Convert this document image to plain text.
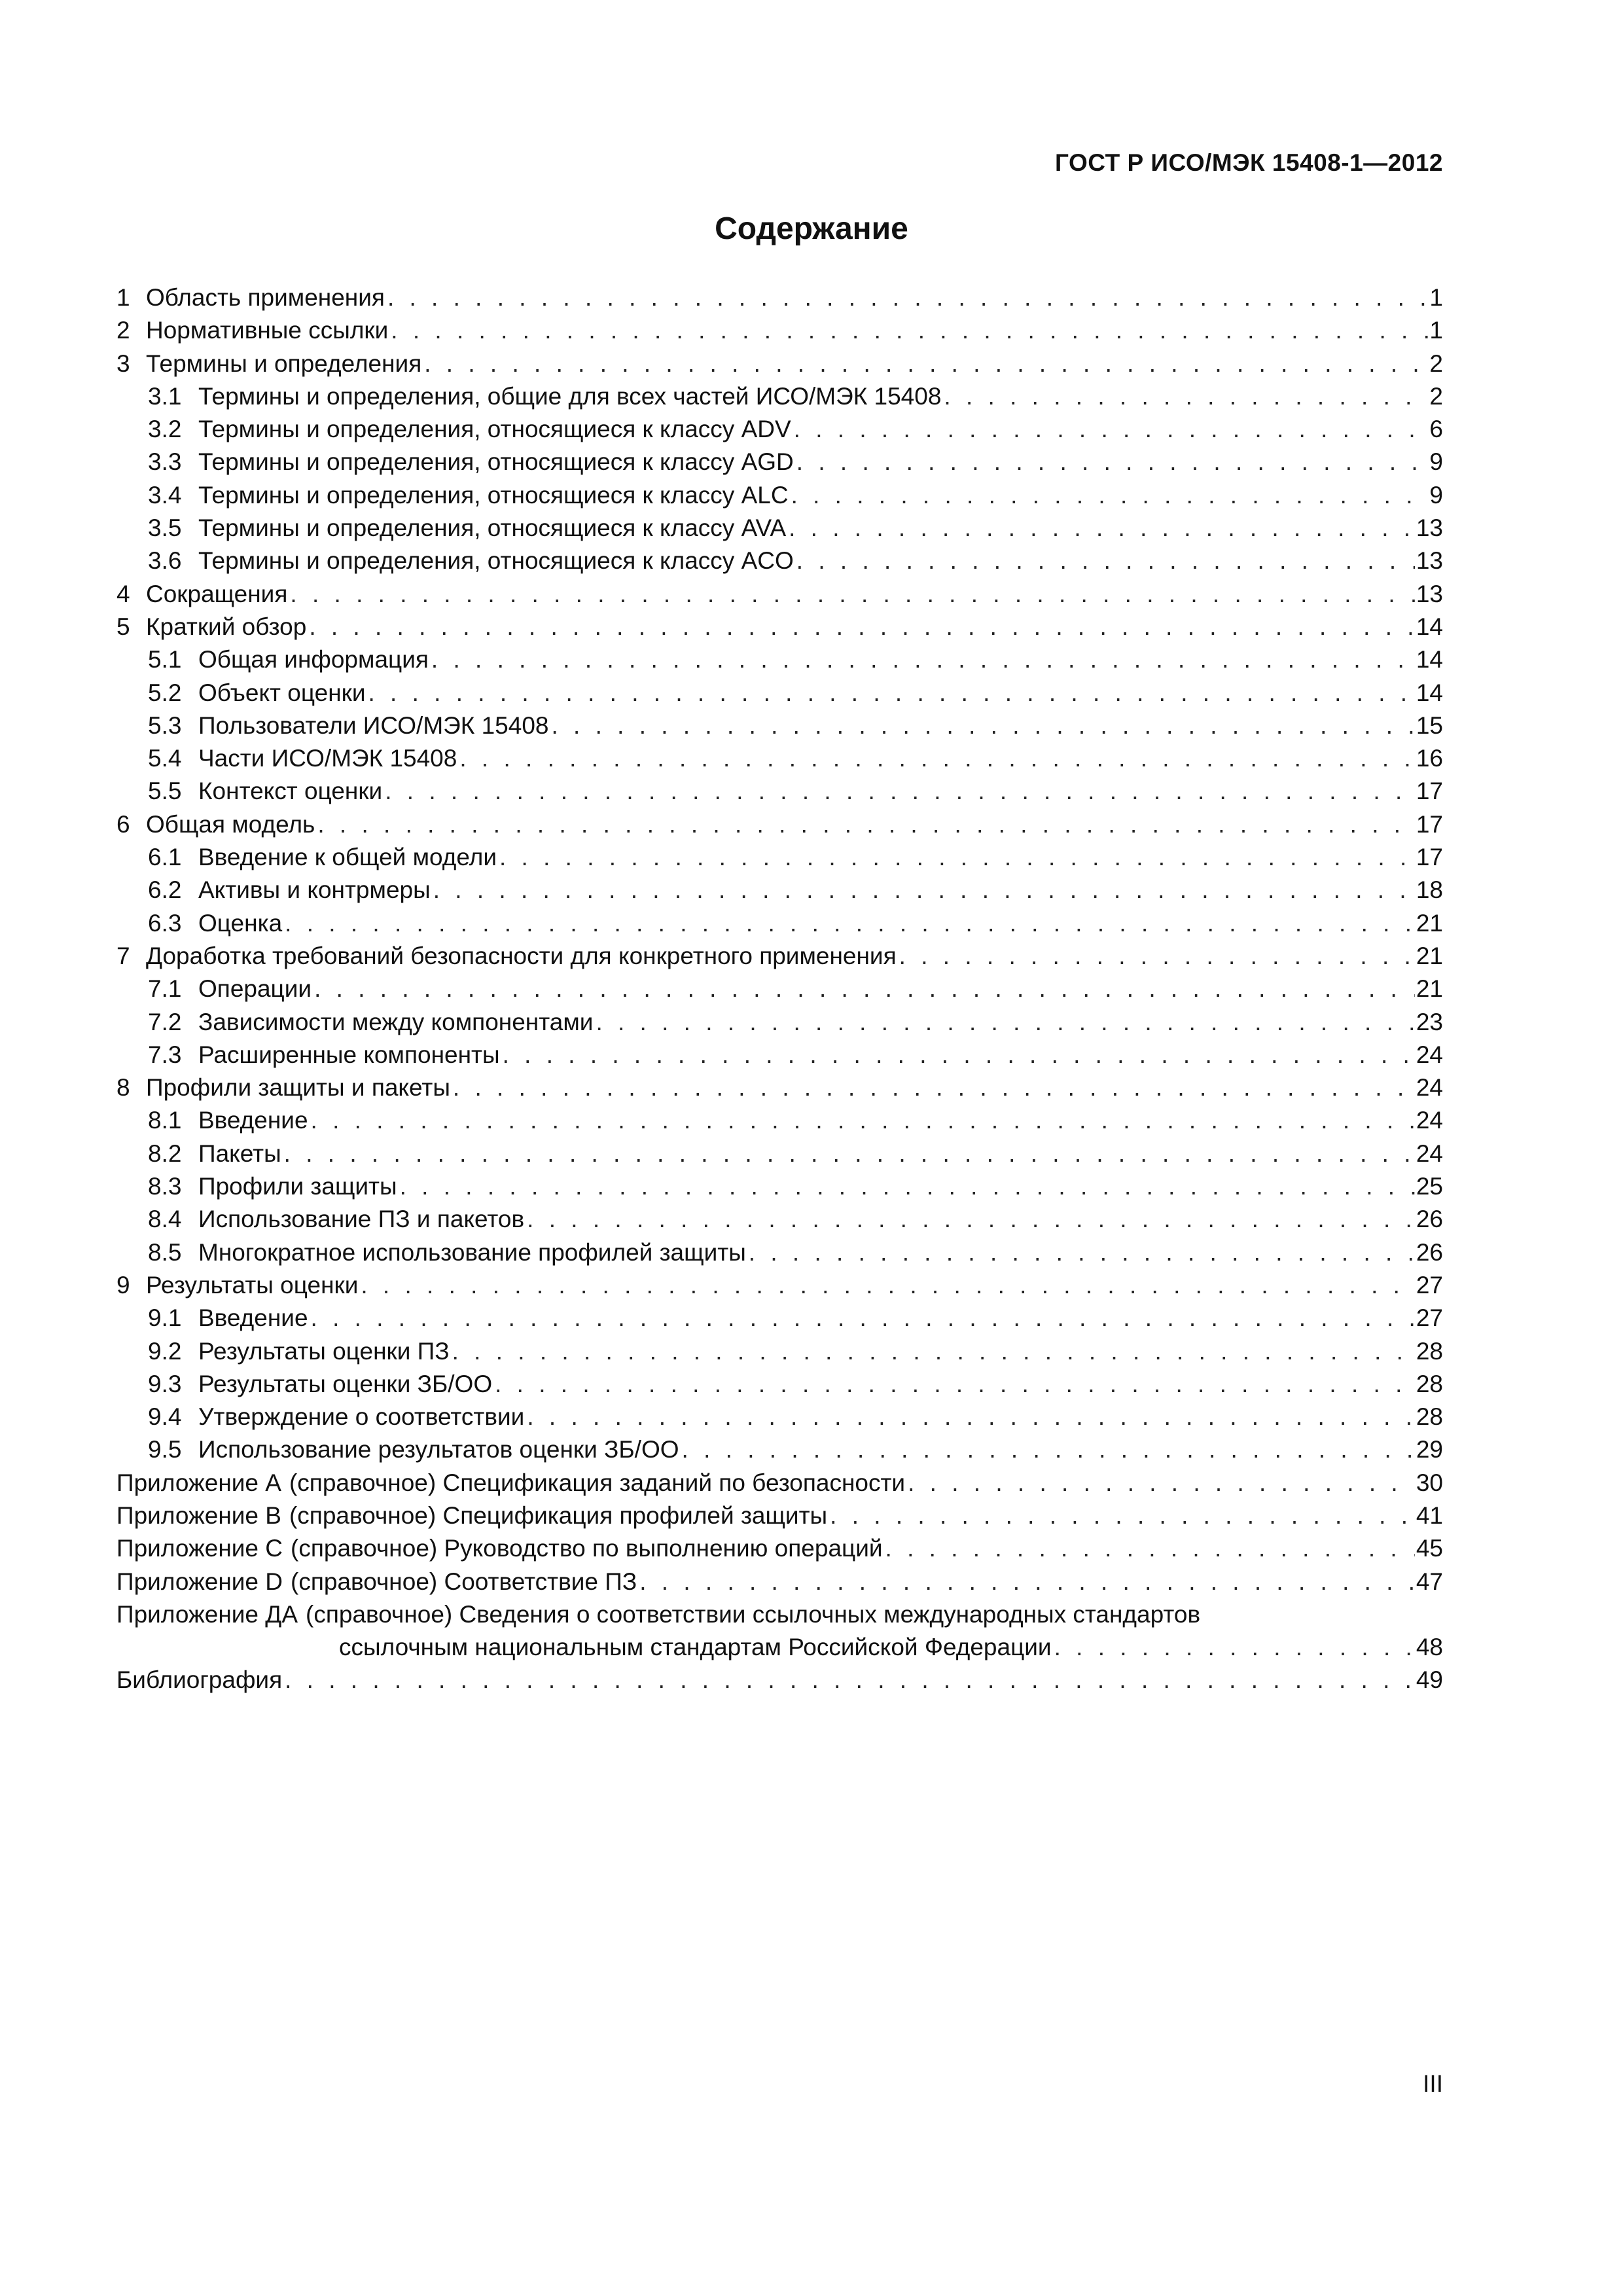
ГОСТ Р ИСО/МЭК 15408-1—2012
Содержание
1 Область применения . . .	1
2 Нормативные ссылки . . .	1
3 Термины и определения . . .	2
3.1 Термины и определения, общие для всех частей ИСО/МЭК 15408 . . .	2
3.2 Термины и определения, относящиеся к классу ADV . . .	6
3.3 Термины и определения, относящиеся к классу AGD . . .	9
3.4 Термины и определения, относящиеся к классу ALC . . .	9
3.5 Термины и определения, относящиеся к классу AVA . . .	13
3.6 Термины и определения, относящиеся к классу ACO . . .	13
4 Сокращения . . .	13
5 Краткий обзор . . .	14
5.1 Общая информация . . .	14
5.2 Объект оценки . . .	14
5.3 Пользователи ИСО/МЭК 15408 . . .	15
5.4 Части ИСО/МЭК 15408 . . .	16
5.5 Контекст оценки . . .	17
6 Общая модель . . .	17
6.1 Введение к общей модели . . .	17
6.2 Активы и контрмеры . . .	18
6.3 Оценка . . .	21
7 Доработка требований безопасности для конкретного применения . . .	21
7.1 Операции . . .	21
7.2 Зависимости между компонентами . . .	23
7.3 Расширенные компоненты . . .	24
8 Профили защиты и пакеты . . .	24
8.1 Введение . . .	24
8.2 Пакеты . . .	24
8.3 Профили защиты . . .	25
8.4 Использование ПЗ и пакетов . . .	26
8.5 Многократное использование профилей защиты . . .	26
9 Результаты оценки . . .	27
9.1 Введение . . .	27
9.2 Результаты оценки ПЗ . . .	28
9.3 Результаты оценки ЗБ/ОО . . .	28
9.4 Утверждение о соответствии . . .	28
9.5 Использование результатов оценки ЗБ/ОО . . .	29
Приложение А (справочное) Спецификация заданий по безопасности . . .	30
Приложение В (справочное) Спецификация профилей защиты . . .	41
Приложение С (справочное) Руководство по выполнению операций . . .	45
Приложение D (справочное) Соответствие ПЗ . . .	47
Приложение ДА (справочное) Сведения о соответствии ссылочных международных стандартов
ссылочным национальным стандартам Российской Федерации . . .	48
Библиография . . .	49
III
